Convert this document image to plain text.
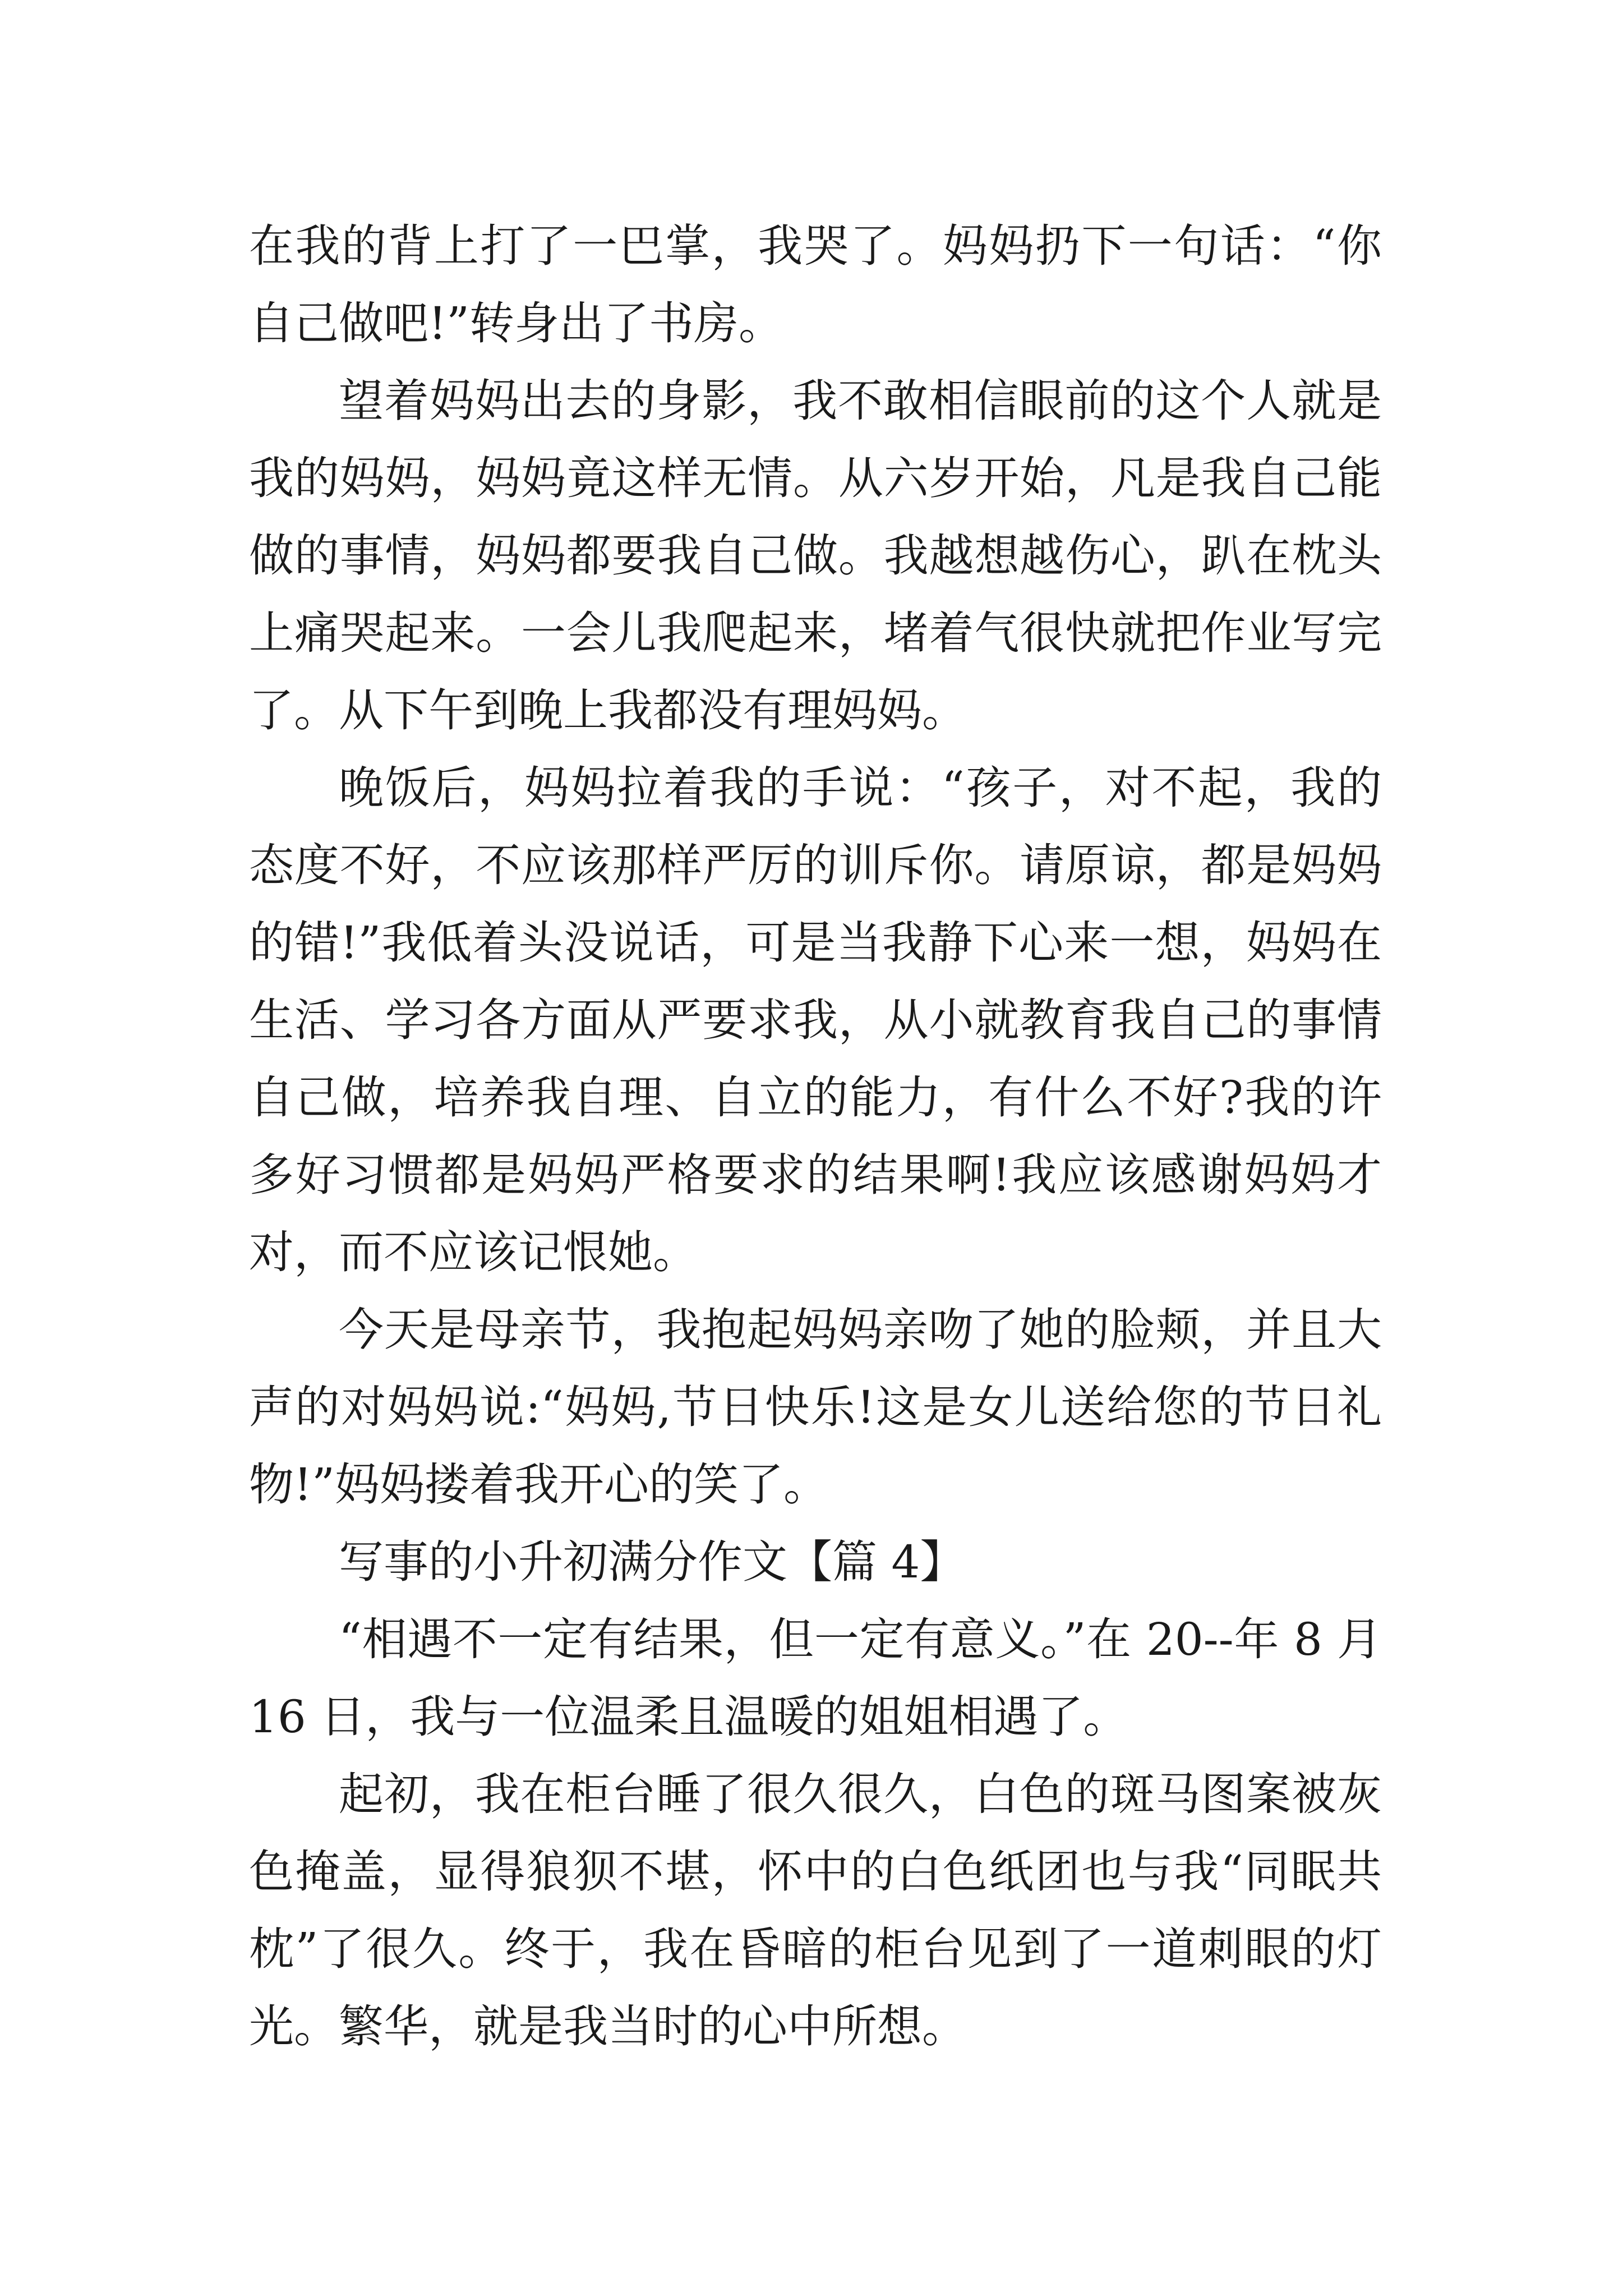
在我的背上打了一巴掌，我哭了。妈妈扔下一句话：“你自己做吧!”转身出了书房。

望着妈妈出去的身影，我不敢相信眼前的这个人就是我的妈妈，妈妈竟这样无情。从六岁开始，凡是我自己能做的事情，妈妈都要我自己做。我越想越伤心，趴在枕头上痛哭起来。一会儿我爬起来，堵着气很快就把作业写完了。从下午到晚上我都没有理妈妈。

晚饭后，妈妈拉着我的手说：“孩子，对不起，我的态度不好，不应该那样严厉的训斥你。请原谅，都是妈妈的错!”我低着头没说话，可是当我静下心来一想，妈妈在生活、学习各方面从严要求我，从小就教育我自己的事情自己做，培养我自理、自立的能力，有什么不好?我的许多好习惯都是妈妈严格要求的结果啊!我应该感谢妈妈才对，而不应该记恨她。

今天是母亲节，我抱起妈妈亲吻了她的脸颊，并且大声的对妈妈说:“妈妈,节日快乐!这是女儿送给您的节日礼物!”妈妈搂着我开心的笑了。

写事的小升初满分作文【篇 4】

“相遇不一定有结果，但一定有意义。”在 20--年 8 月 16 日，我与一位温柔且温暖的姐姐相遇了。

起初，我在柜台睡了很久很久，白色的斑马图案被灰色掩盖，显得狼狈不堪，怀中的白色纸团也与我“同眠共枕”了很久。终于，我在昏暗的柜台见到了一道刺眼的灯光。繁华，就是我当时的心中所想。
